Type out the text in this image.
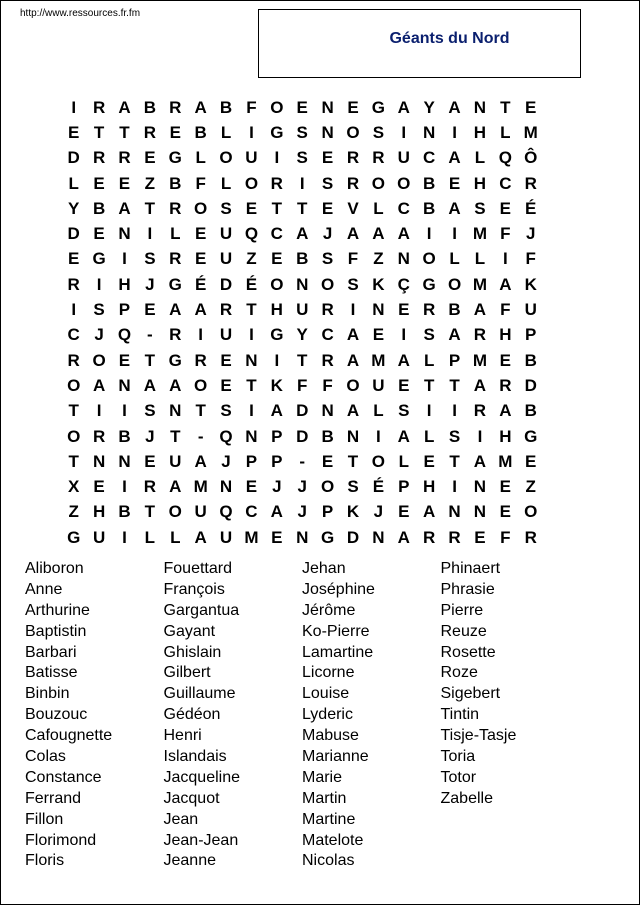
http://www.ressources.fr.fm
Géants du Nord
I R A B R A B F O E N E G A Y A N T E
E T T R E B L	I G S N O S	I N I H L M
D R R E G L O U I	S E R R U C A L Q Ô
L E E Z B F L O R I	S R O O B E H C R
Y B A T R O S E T T E V L C B A S E É
D E N I	L E U Q C A J A A A I	I M F J
E G I	S R E U Z E B S F Z N O L L	I	F
R I H J G É D É O N O S K Ç G O M A K
I	S P E A A R T H U R I N E R B A F U
C J Q - R I U I G Y C A E	I	S A R H P
R O E T G R E N I	T R A M A L P M E B
O A N A A O E T K F F O U E T T A R D
T	I	I	S N T S	I A D N A L S	I	I R A B
O R B J T	- Q N P D B N I A L S	I H G
T N N E U A J P P - E T O L E T A M E
X E	I R A M N E J J O S É P H I N E Z
Z H B T O U Q C A J P K J E A N N E O
G U I	L L A U M E N G D N A R R E F R
Aliboron
Anne
Arthurine
Baptistin
Barbari
Batisse
Binbin
Bouzouc
Cafougnette
Colas
Constance
Ferrand
Fillon
Florimond
Floris
Fouettard
François
Gargantua
Gayant
Ghislain
Gilbert
Guillaume
Gédéon
Henri
Islandais
Jacqueline
Jacquot
Jean
Jean-Jean
Jeanne
Jehan
Joséphine
Jérôme
Ko-Pierre
Lamartine
Licorne
Louise
Lyderic
Mabuse
Marianne
Marie
Martin
Martine
Matelote
Nicolas
Phinaert
Phrasie
Pierre
Reuze
Rosette
Roze
Sigebert
Tintin
Tisje-Tasje
Toria
Totor
Zabelle
